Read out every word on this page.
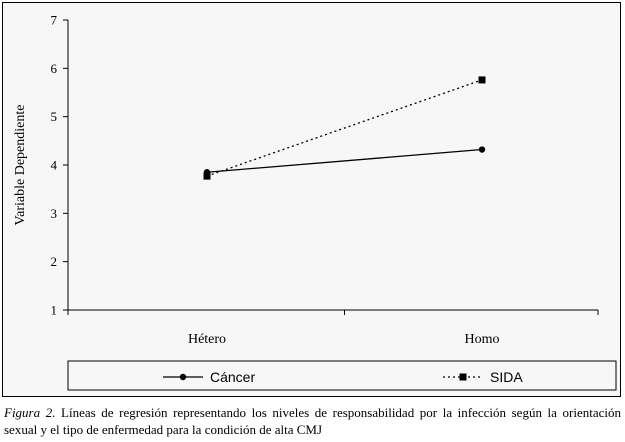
1
2
3
4
5
6
7
Hétero	Homo
Variable Dependiente
Cáncer	SIDA
Figura 2. Líneas de regresión representando los niveles de responsabilidad por la infección según la orientación sexual y el tipo de enfermedad para la condición de alta CMJ
